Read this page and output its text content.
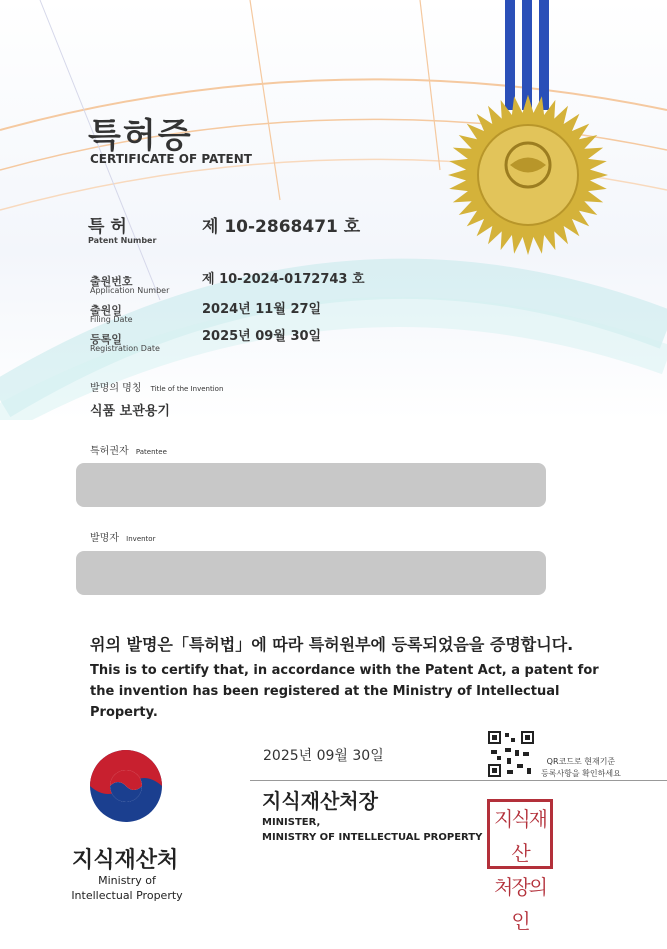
특허증
CERTIFICATE OF PATENT
특 허
Patent Number
제 10-2868471 호
출원번호
Application Number
제 10-2024-0172743 호
출원일
Filing Date
2024년 11월 27일
등록일
Registration Date
2025년 09월 30일
발명의 명칭 Title of the Invention
식품 보관용기
특허권자 Patentee
발명자 Inventor
위의 발명은「특허법」에 따라 특허원부에 등록되었음을 증명합니다.
This is to certify that, in accordance with the Patent Act, a patent for the invention has been registered at the Ministry of Intellectual Property.
지식재산처
Ministry of
Intellectual Property
2025년 09월 30일	QR코드로 현재기준
등록사항을 확인하세요
지식재산처장
MINISTER,
MINISTRY OF INTELLECTUAL PROPERTY
지식재산
처장의인
